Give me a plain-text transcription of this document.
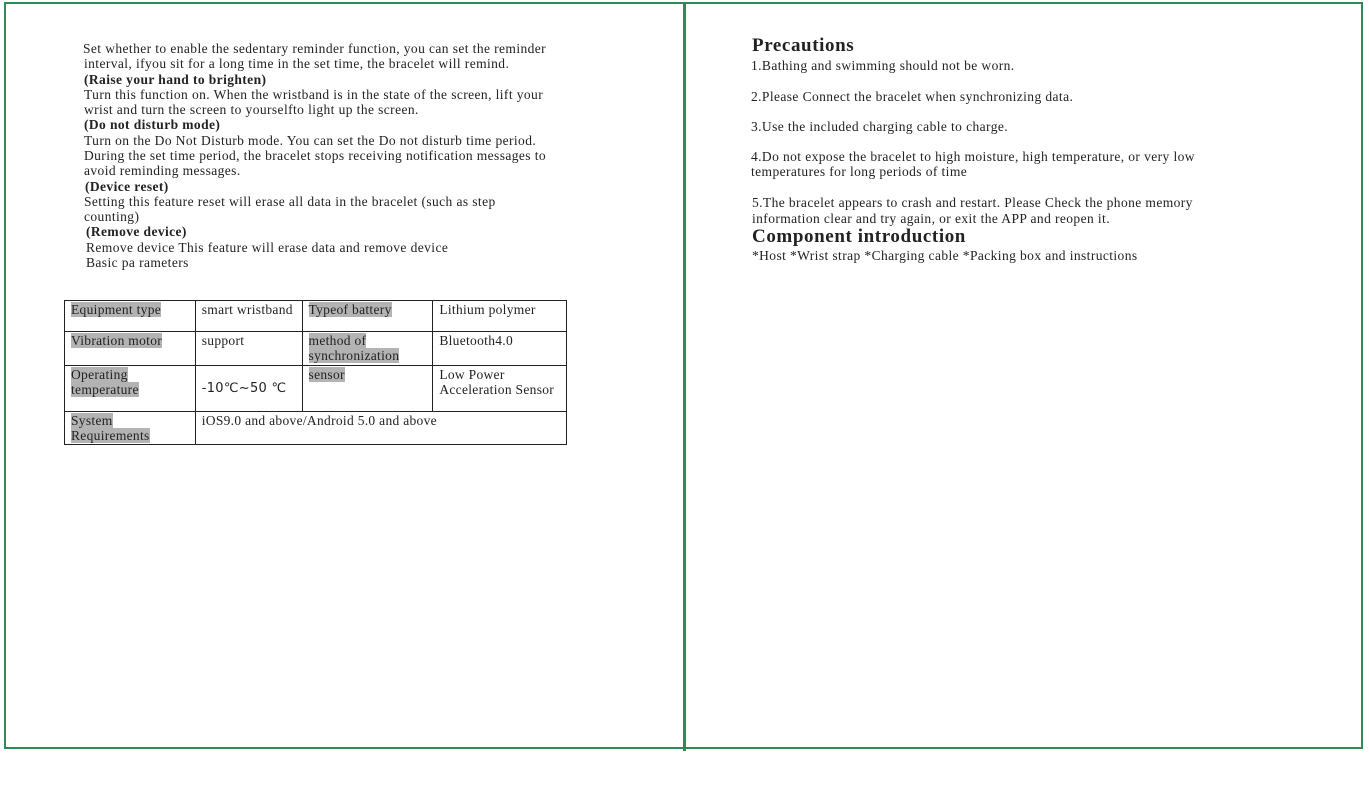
Set whether to enable the sedentary reminder function, you can set the reminder
interval, ifyou sit for a long time in the set time, the bracelet will remind.
(Raise your hand to brighten)
Turn this function on. When the wristband is in the state of the screen, lift your
wrist and turn the screen to yourselfto light up the screen.
(Do not disturb mode)
Turn on the Do Not Disturb mode. You can set the Do not disturb time period.
During the set time period, the bracelet stops receiving notification messages to
avoid reminding messages.
(Device reset)
Setting this feature reset will erase all data in the bracelet (such as step
counting)
(Remove device)
Remove device This feature will erase data and remove device
Basic pa rameters
Equipment type	smart wristband	Typeof battery	Lithium polymer
Vibration motor	support	method of synchronization	Bluetooth4.0
Operating temperature	-10℃~50 ℃	sensor	Low Power Acceleration Sensor
System Requirements	iOS9.0 and above/Android 5.0 and above		
Precautions
1.Bathing and swimming should not be worn.
2.Please Connect the bracelet when synchronizing data.
3.Use the included charging cable to charge.
4.Do not expose the bracelet to high moisture, high temperature, or very low
temperatures for long periods of time
5.The bracelet appears to crash and restart. Please Check the phone memory
information clear and try again, or exit the APP and reopen it.
Component introduction
*Host *Wrist strap *Charging cable *Packing box and instructions
